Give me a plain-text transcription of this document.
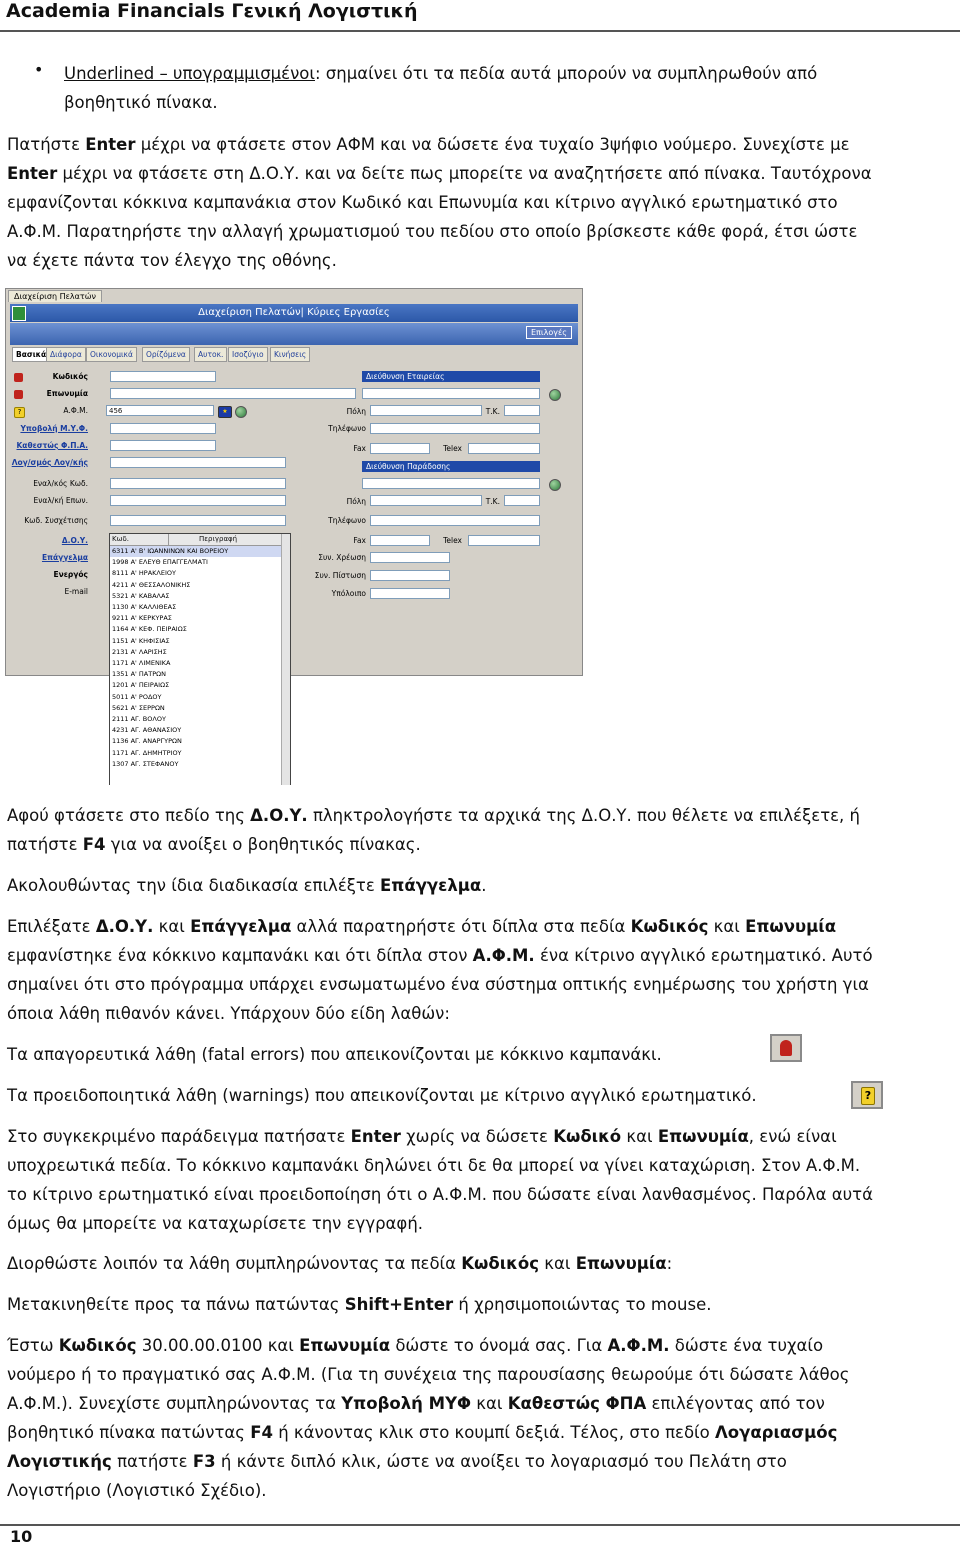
Academia Financials Γενική Λογιστική
• Underlined – υπογραμμισμένοι: σημαίνει ότι τα πεδία αυτά μπορούν να συμπληρωθούν από
βοηθητικό πίνακα.
Πατήστε Enter μέχρι να φτάσετε στον ΑΦΜ και να δώσετε ένα τυχαίο 3ψήφιο νούμερο. Συνεχίστε με
Enter μέχρι να φτάσετε στη Δ.Ο.Υ. και να δείτε πως μπορείτε να αναζητήσετε από πίνακα. Ταυτόχρονα
εμφανίζονται κόκκινα καμπανάκια στον Κωδικό και Επωνυμία και κίτρινο αγγλικό ερωτηματικό στο
Α.Φ.Μ. Παρατηρήστε την αλλαγή χρωματισμού του πεδίου στο οποίο βρίσκεστε κάθε φορά, έτσι ώστε
να έχετε πάντα τον έλεγχο της οθόνης.
Διαχείριση Πελατών
Διαχείριση Πελατών| Κύριες Εργασίες
Επιλογές
Βασικά Διάφορα	Οικονομικά	Ορίζόμενα	Αυτοκ.	Ισοζύγιο	Κινήσεις
Κωδικός
Επωνυμία
?	Α.Φ.Μ.	456	★
Υποβολή Μ.Υ.Φ.
Καθεστώς Φ.Π.Α.
Λογ/σμός Λογ/κής
Εναλ/κός Κωδ.
Εναλ/κή Επων.
Κωδ. Συσχέτισης
Δ.Ο.Υ.
Επάγγελμα
Ενεργός
E-mail
Διεύθυνση Εταιρείας
Πόλη	Τ.Κ.
Τηλέφωνο
Fax	Telex
Διεύθυνση Παράδοσης
Πόλη	Τ.Κ.
Τηλέφωνο
Fax	Telex
Συν. Χρέωση
Συν. Πίστωση
Υπόλοιπο
Κωδ.	Περιγραφή
6311 Α' Β' ΙΩΑΝΝΙΝΩΝ ΚΑΙ ΒΟΡΕΙΟΥ
1998 Α' ΕΛΕΥΘ ΕΠΑΓΓΕΛΜΑΤΙ
8111 Α' ΗΡΑΚΛΕΙΟΥ
4211 Α' ΘΕΣΣΑΛΟΝΙΚΗΣ
5321 Α' ΚΑΒΑΛΑΣ
1130 Α' ΚΑΛΛΙΘΕΑΣ
9211 Α' ΚΕΡΚΥΡΑΣ
1164 Α' ΚΕΦ. ΠΕΙΡΑΙΩΣ
1151 Α' ΚΗΦΙΣΙΑΣ
2131 Α' ΛΑΡΙΣΗΣ
1171 Α' ΛΙΜΕΝΙΚΑ
1351 Α' ΠΑΤΡΩΝ
1201 Α' ΠΕΙΡΑΙΩΣ
5011 Α' ΡΟΔΟΥ
5621 Α' ΣΕΡΡΩΝ
2111 ΑΓ. ΒΟΛΟΥ
4231 ΑΓ. ΑΘΑΝΑΣΙΟΥ
1136 ΑΓ. ΑΝΑΡΓΥΡΩΝ
1171 ΑΓ. ΔΗΜΗΤΡΙΟΥ
1307 ΑΓ. ΣΤΕΦΑΝΟΥ
Αφού φτάσετε στο πεδίο της Δ.Ο.Υ. πληκτρολογήστε τα αρχικά της Δ.Ο.Υ. που θέλετε να επιλέξετε, ή
πατήστε F4 για να ανοίξει ο βοηθητικός πίνακας.
Ακολουθώντας την ίδια διαδικασία επιλέξτε Επάγγελμα.
Επιλέξατε Δ.Ο.Υ. και Επάγγελμα αλλά παρατηρήστε ότι δίπλα στα πεδία Κωδικός και Επωνυμία
εμφανίστηκε ένα κόκκινο καμπανάκι και ότι δίπλα στον Α.Φ.Μ. ένα κίτρινο αγγλικό ερωτηματικό. Αυτό
σημαίνει ότι στο πρόγραμμα υπάρχει ενσωματωμένο ένα σύστημα οπτικής ενημέρωσης του χρήστη για
όποια λάθη πιθανόν κάνει. Υπάρχουν δύο είδη λαθών:
Τα απαγορευτικά λάθη (fatal errors) που απεικονίζονται με κόκκινο καμπανάκι.
Τα προειδοποιητικά λάθη (warnings) που απεικονίζονται με κίτρινο αγγλικό ερωτηματικό.	?
Στο συγκεκριμένο παράδειγμα πατήσατε Enter χωρίς να δώσετε Κωδικό και Επωνυμία, ενώ είναι
υποχρεωτικά πεδία. Το κόκκινο καμπανάκι δηλώνει ότι δε θα μπορεί να γίνει καταχώριση. Στον Α.Φ.Μ.
το κίτρινο ερωτηματικό είναι προειδοποίηση ότι ο Α.Φ.Μ. που δώσατε είναι λανθασμένος. Παρόλα αυτά
όμως θα μπορείτε να καταχωρίσετε την εγγραφή.
Διορθώστε λοιπόν τα λάθη συμπληρώνοντας τα πεδία Κωδικός και Επωνυμία:
Μετακινηθείτε προς τα πάνω πατώντας Shift+Enter ή χρησιμοποιώντας το mouse.
Έστω Κωδικός 30.00.00.0100 και Επωνυμία δώστε το όνομά σας. Για Α.Φ.Μ. δώστε ένα τυχαίο
νούμερο ή το πραγματικό σας Α.Φ.Μ. (Για τη συνέχεια της παρουσίασης θεωρούμε ότι δώσατε λάθος
Α.Φ.Μ.). Συνεχίστε συμπληρώνοντας τα Υποβολή ΜΥΦ και Καθεστώς ΦΠΑ επιλέγοντας από τον
βοηθητικό πίνακα πατώντας F4 ή κάνοντας κλικ στο κουμπί δεξιά. Τέλος, στο πεδίο Λογαριασμός
Λογιστικής πατήστε F3 ή κάντε διπλό κλικ, ώστε να ανοίξει το λογαριασμό του Πελάτη στο
Λογιστήριο (Λογιστικό Σχέδιο).
10
